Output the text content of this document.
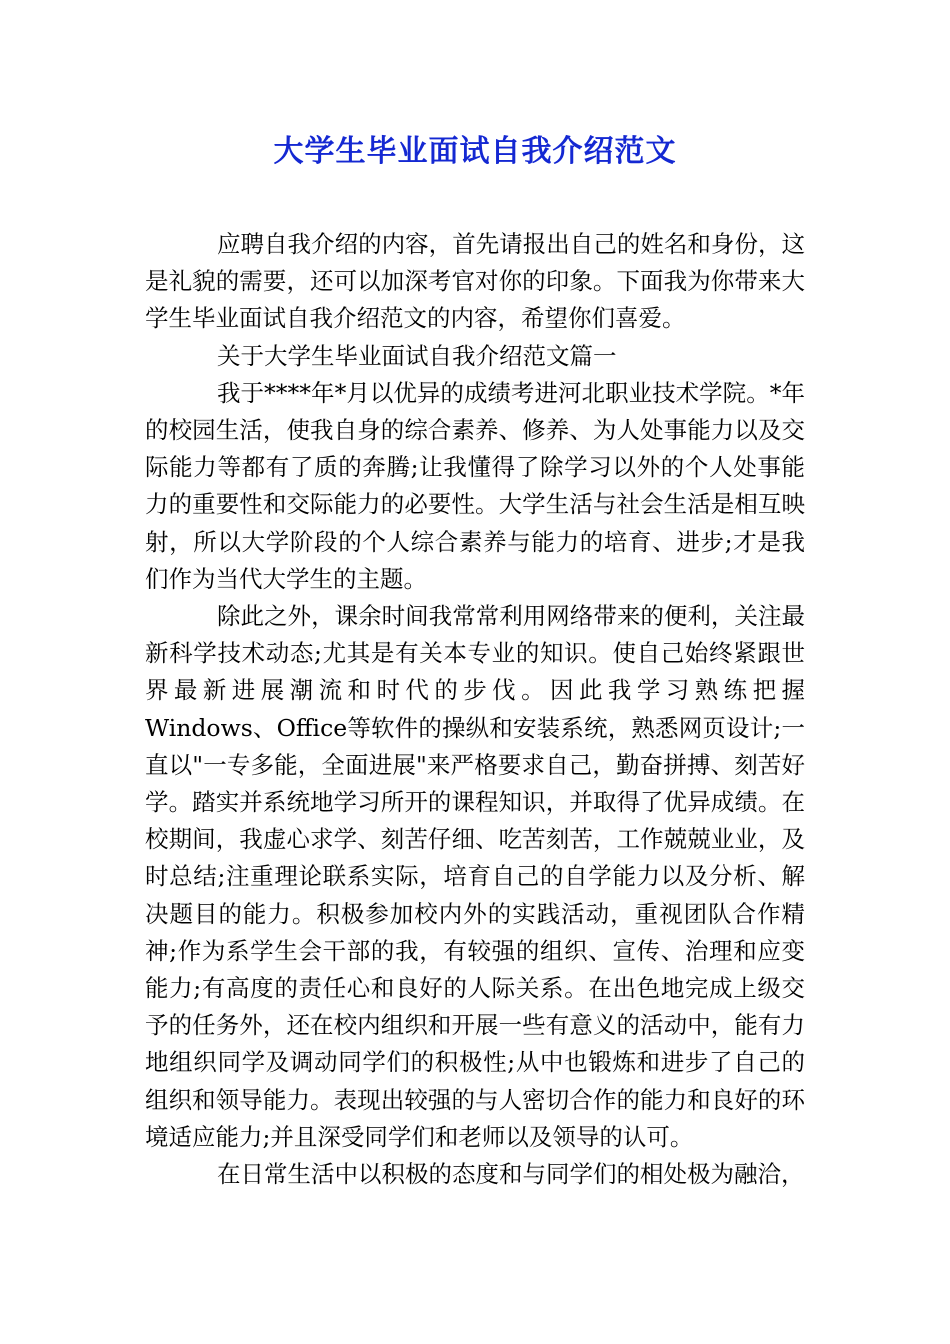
大学生毕业面试自我介绍范文

应聘自我介绍的内容，首先请报出自己的姓名和身份，这是礼貌的需要，还可以加深考官对你的印象。下面我为你带来大学生毕业面试自我介绍范文的内容，希望你们喜爱。

关于大学生毕业面试自我介绍范文篇一

我于****年*月以优异的成绩考进河北职业技术学院。*年的校园生活，使我自身的综合素养、修养、为人处事能力以及交际能力等都有了质的奔腾;让我懂得了除学习以外的个人处事能力的重要性和交际能力的必要性。大学生活与社会生活是相互映射，所以大学阶段的个人综合素养与能力的培育、进步;才是我们作为当代大学生的主题。

除此之外，课余时间我常常利用网络带来的便利，关注最新科学技术动态;尤其是有关本专业的知识。使自己始终紧跟世界最新进展潮流和时代的步伐。因此我学习熟练把握Windows、Office等软件的操纵和安装系统，熟悉网页设计;一直以"一专多能，全面进展"来严格要求自己，勤奋拼搏、刻苦好学。踏实并系统地学习所开的课程知识，并取得了优异成绩。在校期间，我虚心求学、刻苦仔细、吃苦刻苦，工作兢兢业业，及时总结;注重理论联系实际，培育自己的自学能力以及分析、解决题目的能力。积极参加校内外的实践活动，重视团队合作精神;作为系学生会干部的我，有较强的组织、宣传、治理和应变能力;有高度的责任心和良好的人际关系。在出色地完成上级交予的任务外，还在校内组织和开展一些有意义的活动中，能有力地组织同学及调动同学们的积极性;从中也锻炼和进步了自己的组织和领导能力。表现出较强的与人密切合作的能力和良好的环境适应能力;并且深受同学们和老师以及领导的认可。

在日常生活中以积极的态度和与同学们的相处极为融洽，
